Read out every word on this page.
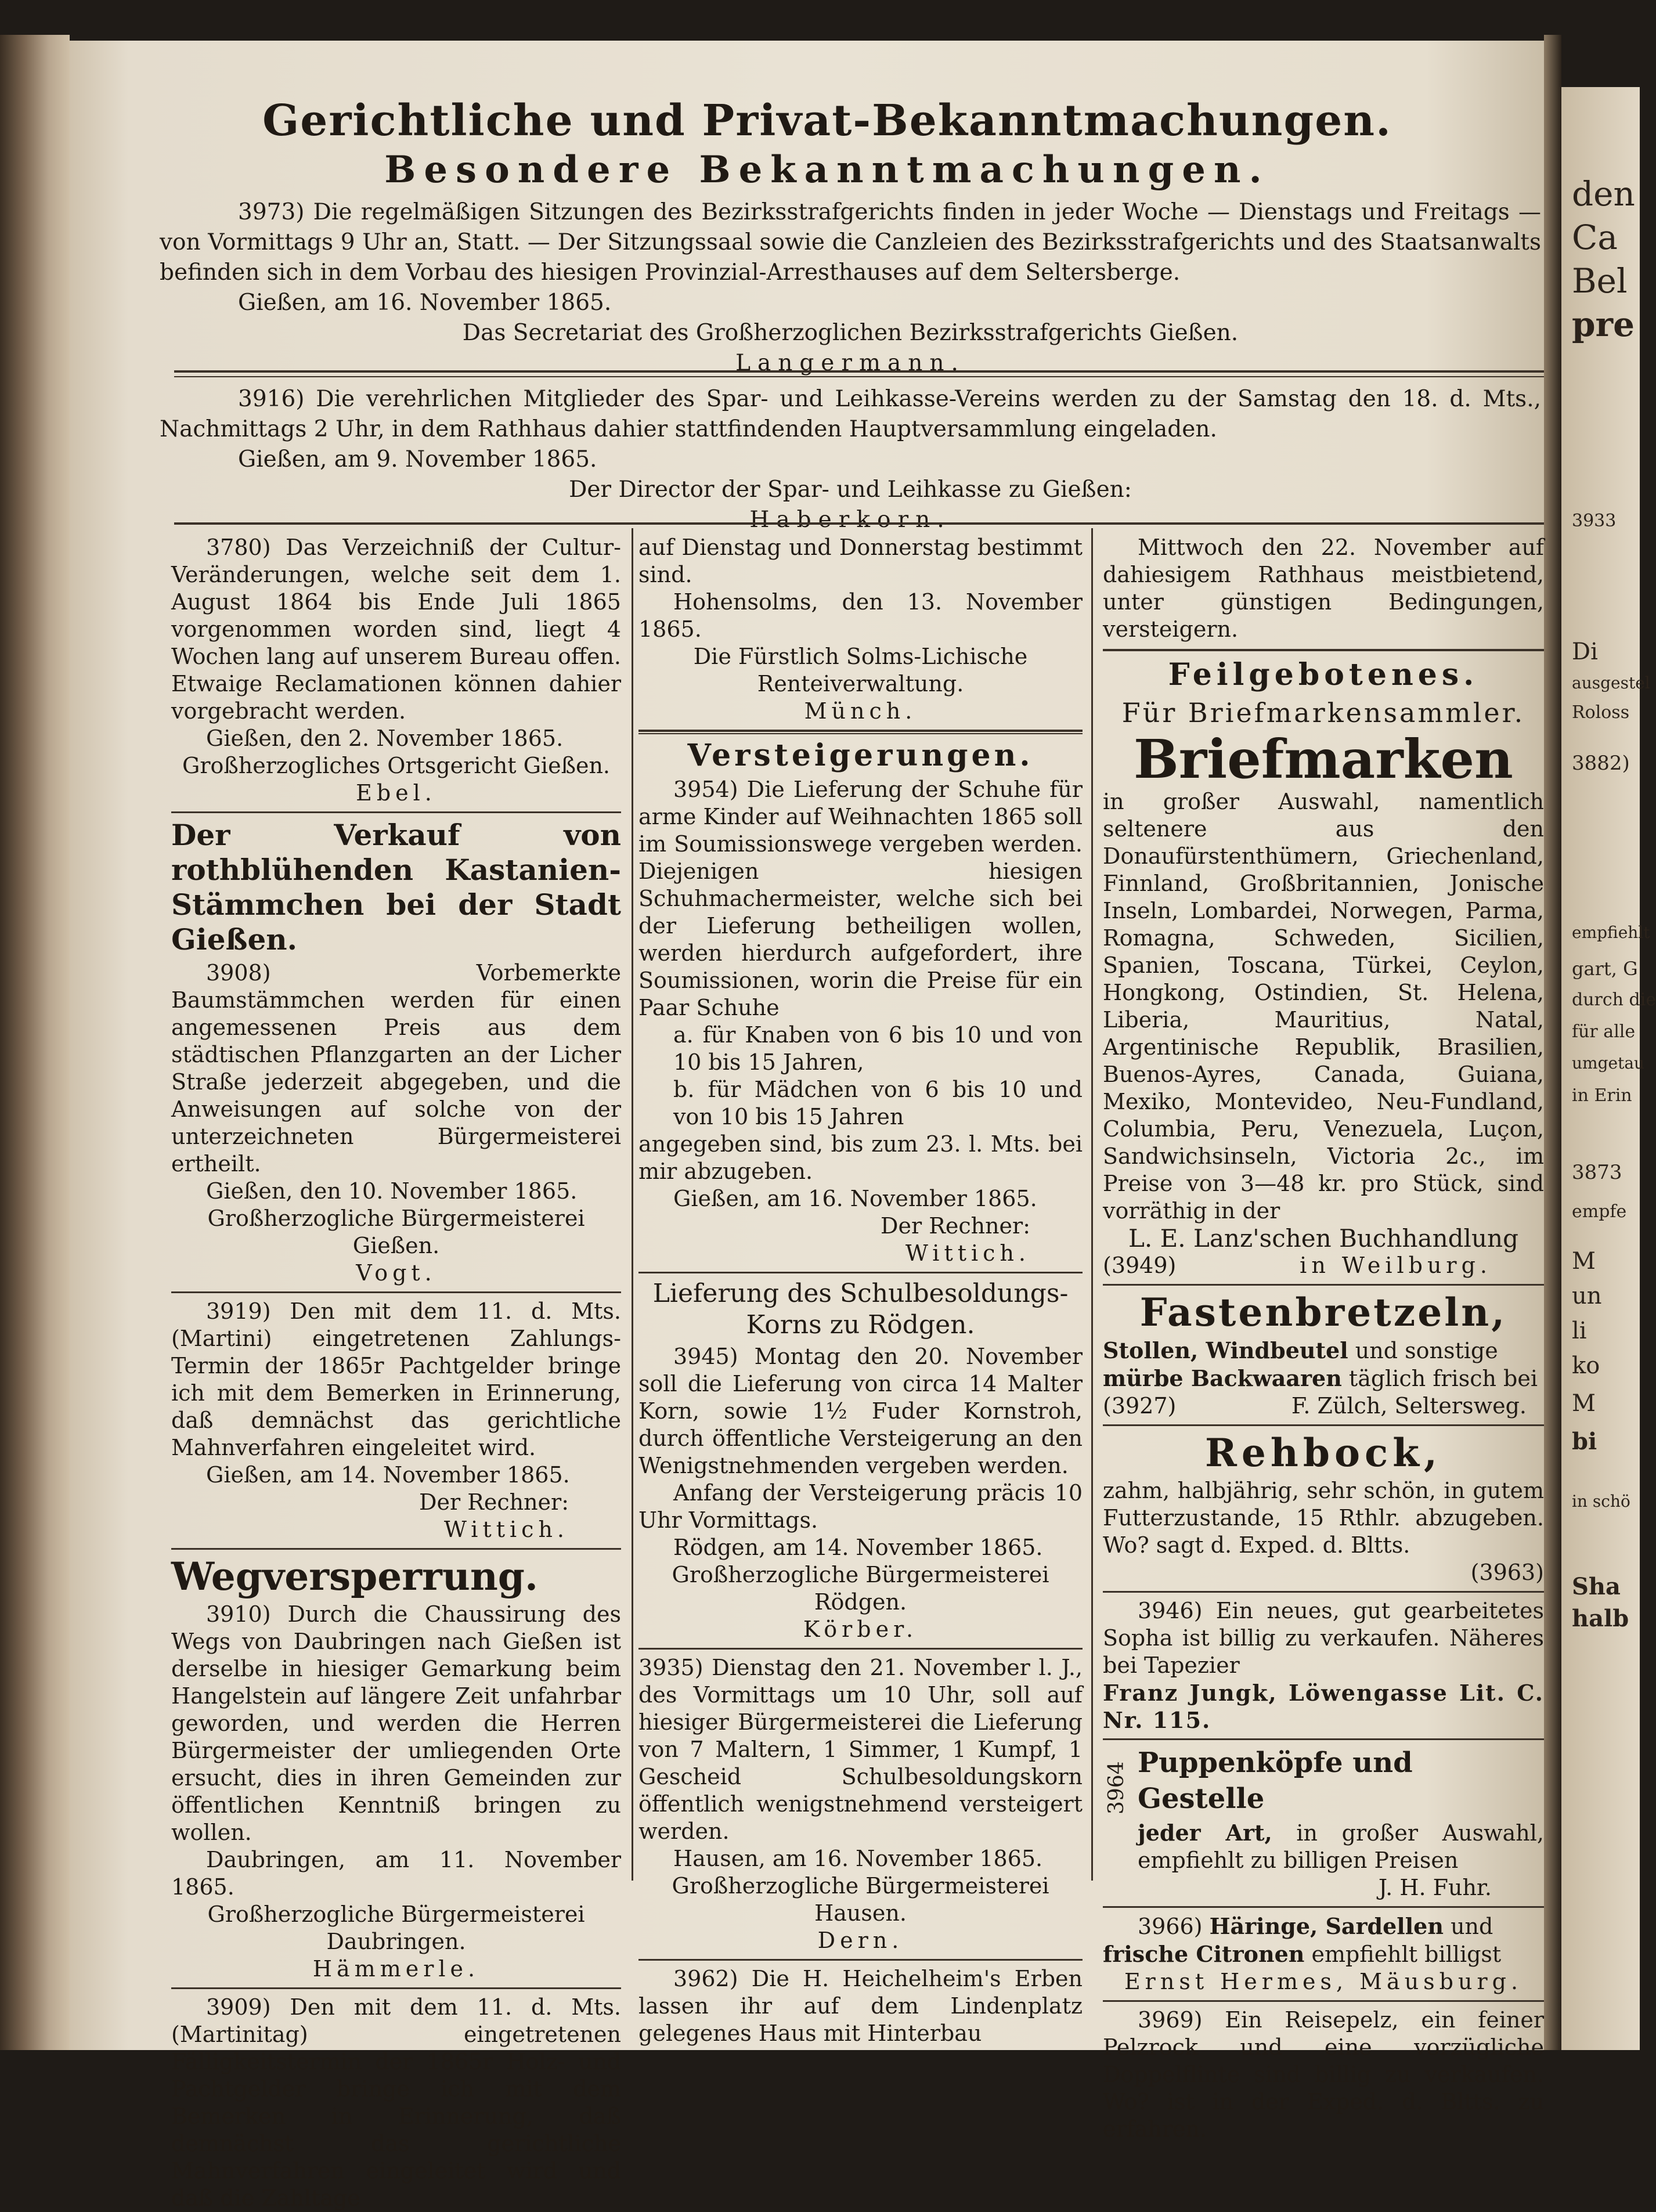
den
Ca
Bel
pre
3933
Di
ausgestel
Roloss
3882)
empfiehlt
gart, G
durch die
für alle
umgetau
in Erin
3873
empfe
M
un
li
ko
M
bi
in schö
Sha
halb
Gerichtliche und Privat-Bekanntmachungen.
Besondere Bekanntmachungen.

3973) Die regelmäßigen Sitzungen des Bezirksstrafgerichts finden in jeder Woche — Dienstags und Freitags — von Vormittags 9 Uhr an, Statt. — Der Sitzungssaal sowie die Canzleien des Bezirksstrafgerichts und des Staatsanwalts befinden sich in dem Vorbau des hiesigen Provinzial-Arresthauses auf dem Seltersberge.

Gießen, am 16. November 1865.

Das Secretariat des Großherzoglichen Bezirksstrafgerichts Gießen.

Langermann.

3916) Die verehrlichen Mitglieder des Spar- und Leihkasse-Vereins werden zu der Samstag den 18. d. Mts., Nachmittags 2 Uhr, in dem Rathhaus dahier stattfindenden Hauptversammlung eingeladen.

Gießen, am 9. November 1865.

Der Director der Spar- und Leihkasse zu Gießen:

Haberkorn.

3780) Das Verzeichniß der Cultur-Veränderungen, welche seit dem 1. August 1864 bis Ende Juli 1865 vorgenommen worden sind, liegt 4 Wochen lang auf unserem Bureau offen. Etwaige Reclamationen können dahier vorgebracht werden.

Gießen, den 2. November 1865.

Großherzogliches Ortsgericht Gießen.

Ebel.

Der Verkauf von rothblühenden Kastanien-Stämmchen bei der Stadt Gießen.

3908) Vorbemerkte Baumstämmchen werden für einen angemessenen Preis aus dem städtischen Pflanzgarten an der Licher Straße jederzeit abgegeben, und die Anweisungen auf solche von der unterzeichneten Bürgermeisterei ertheilt.

Gießen, den 10. November 1865.

Großherzogliche Bürgermeisterei Gießen.

Vogt.

3919) Den mit dem 11. d. Mts. (Martini) eingetretenen Zahlungs-Termin der 1865r Pachtgelder bringe ich mit dem Bemerken in Erinnerung, daß demnächst das gerichtliche Mahnverfahren eingeleitet wird.

Gießen, am 14. November 1865.

Der Rechner:

Wittich.

Wegversperrung.

3910) Durch die Chaussirung des Wegs von Daubringen nach Gießen ist derselbe in hiesiger Gemarkung beim Hangelstein auf längere Zeit unfahrbar geworden, und werden die Herren Bürgermeister der umliegenden Orte ersucht, dies in ihren Gemeinden zur öffentlichen Kenntniß bringen zu wollen.

Daubringen, am 11. November 1865.

Großherzogliche Bürgermeisterei Daubringen.

Hämmerle.

3909) Den mit dem 11. d. Mts. (Martinitag) eingetretenen Fälligkeitstermin der 1865r Holz- und Pachtgelder bringe ich mit dem Bemerken in Erinnerung, daß demnächst das gerichtliche Mahnverfahren eingeleitet wird und daß die Zahltage

auf Dienstag und Donnerstag bestimmt sind.

Hohensolms, den 13. November 1865.

Die Fürstlich Solms-Lichische Renteiverwaltung.

Münch.

Versteigerungen.

3954) Die Lieferung der Schuhe für arme Kinder auf Weihnachten 1865 soll im Soumissionswege vergeben werden. Diejenigen hiesigen Schuhmachermeister, welche sich bei der Lieferung betheiligen wollen, werden hierdurch aufgefordert, ihre Soumissionen, worin die Preise für ein Paar Schuhe

a. für Knaben von 6 bis 10 und von 10 bis 15 Jahren,

b. für Mädchen von 6 bis 10 und von 10 bis 15 Jahren

angegeben sind, bis zum 23. l. Mts. bei mir abzugeben.

Gießen, am 16. November 1865.

Der Rechner:

Wittich.

Lieferung des Schulbesoldungs-Korns zu Rödgen.

3945) Montag den 20. November soll die Lieferung von circa 14 Malter Korn, sowie 1½ Fuder Kornstroh, durch öffentliche Versteigerung an den Wenigstnehmenden vergeben werden.

Anfang der Versteigerung präcis 10 Uhr Vormittags.

Rödgen, am 14. November 1865.

Großherzogliche Bürgermeisterei Rödgen.

Körber.

3935) Dienstag den 21. November l. J., des Vormittags um 10 Uhr, soll auf hiesiger Bürgermeisterei die Lieferung von 7 Maltern, 1 Simmer, 1 Kumpf, 1 Gescheid Schulbesoldungskorn öffentlich wenigstnehmend versteigert werden.

Hausen, am 16. November 1865.

Großherzogliche Bürgermeisterei Hausen.

Dern.

3962) Die H. Heichelheim's Erben lassen ihr auf dem Lindenplatz gelegenes Haus mit Hinterbau

Mittwoch den 22. November auf dahiesigem Rathhaus meistbietend, unter günstigen Bedingungen, versteigern.

Feilgebotenes.

Für Briefmarkensammler.

Briefmarken

in großer Auswahl, namentlich seltenere aus den Donaufürstenthümern, Griechenland, Finnland, Großbritannien, Jonische Inseln, Lombardei, Norwegen, Parma, Romagna, Schweden, Sicilien, Spanien, Toscana, Türkei, Ceylon, Hongkong, Ostindien, St. Helena, Liberia, Mauritius, Natal, Argentinische Republik, Brasilien, Buenos-Ayres, Canada, Guiana, Mexiko, Montevideo, Neu-Fundland, Columbia, Peru, Venezuela, Luçon, Sandwichsinseln, Victoria 2c., im Preise von 3—48 kr. pro Stück, sind vorräthig in der

L. E. Lanz'schen Buchhandlung

(3949)	in Weilburg.

Fastenbretzeln,

Stollen, Windbeutel und sonstige

mürbe Backwaaren täglich frisch bei

(3927)	F. Zülch, Seltersweg.

Rehbock,

zahm, halbjährig, sehr schön, in gutem Futterzustande, 15 Rthlr. abzugeben. Wo? sagt d. Exped. d. Bltts.

(3963)

3946) Ein neues, gut gearbeitetes Sopha ist billig zu verkaufen. Näheres bei Tapezier

Franz Jungk, Löwengasse Lit. C. Nr. 115.

3964 Puppenköpfe und Gestelle

jeder Art, in großer Auswahl, empfiehlt zu billigen Preisen

J. H. Fuhr.

3966) Häringe, Sardellen und

frische Citronen empfiehlt billigst

Ernst Hermes, Mäusburg.

3969) Ein Reisepelz, ein feiner Pelzrock und eine vorzügliche Doppelflinte sind billig zu verkaufen. Wo? ist in der Exped. d. Bltts. zu erfahren.
